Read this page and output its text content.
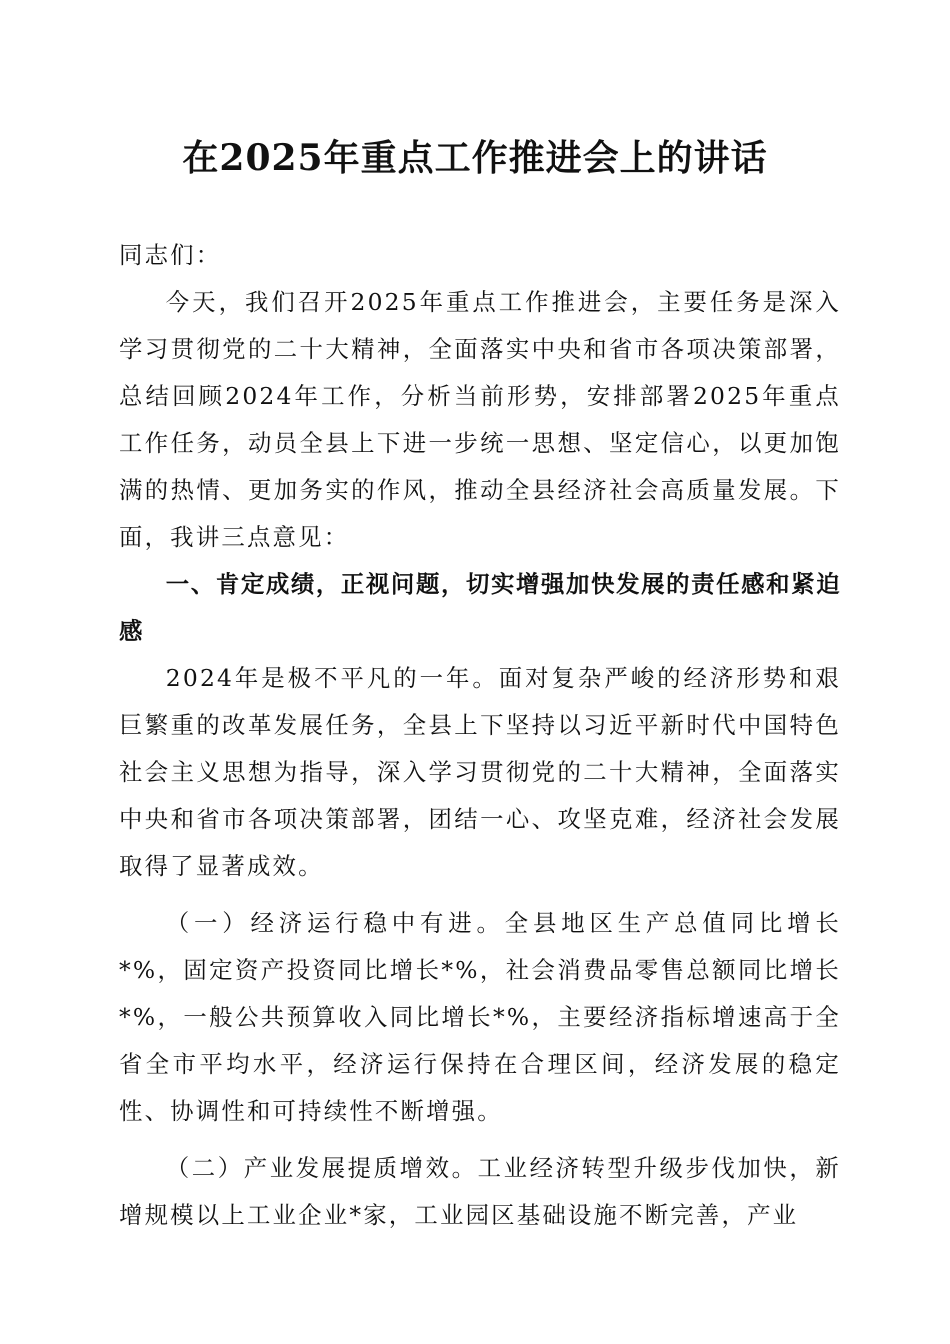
在2025年重点工作推进会上的讲话

同志们：

今天，我们召开2025年重点工作推进会，主要任务是深入学习贯彻党的二十大精神，全面落实中央和省市各项决策部署，总结回顾2024年工作，分析当前形势，安排部署2025年重点工作任务，动员全县上下进一步统一思想、坚定信心，以更加饱满的热情、更加务实的作风，推动全县经济社会高质量发展。下面，我讲三点意见：

一、肯定成绩，正视问题，切实增强加快发展的责任感和紧迫感

2024年是极不平凡的一年。面对复杂严峻的经济形势和艰巨繁重的改革发展任务，全县上下坚持以习近平新时代中国特色社会主义思想为指导，深入学习贯彻党的二十大精神，全面落实中央和省市各项决策部署，团结一心、攻坚克难，经济社会发展取得了显著成效。

（一）经济运行稳中有进。全县地区生产总值同比增长*%，固定资产投资同比增长*%，社会消费品零售总额同比增长*%，一般公共预算收入同比增长*%，主要经济指标增速高于全省全市平均水平，经济运行保持在合理区间，经济发展的稳定性、协调性和可持续性不断增强。

（二）产业发展提质增效。工业经济转型升级步伐加快，新增规模以上工业企业*家，工业园区基础设施不断完善，产业
